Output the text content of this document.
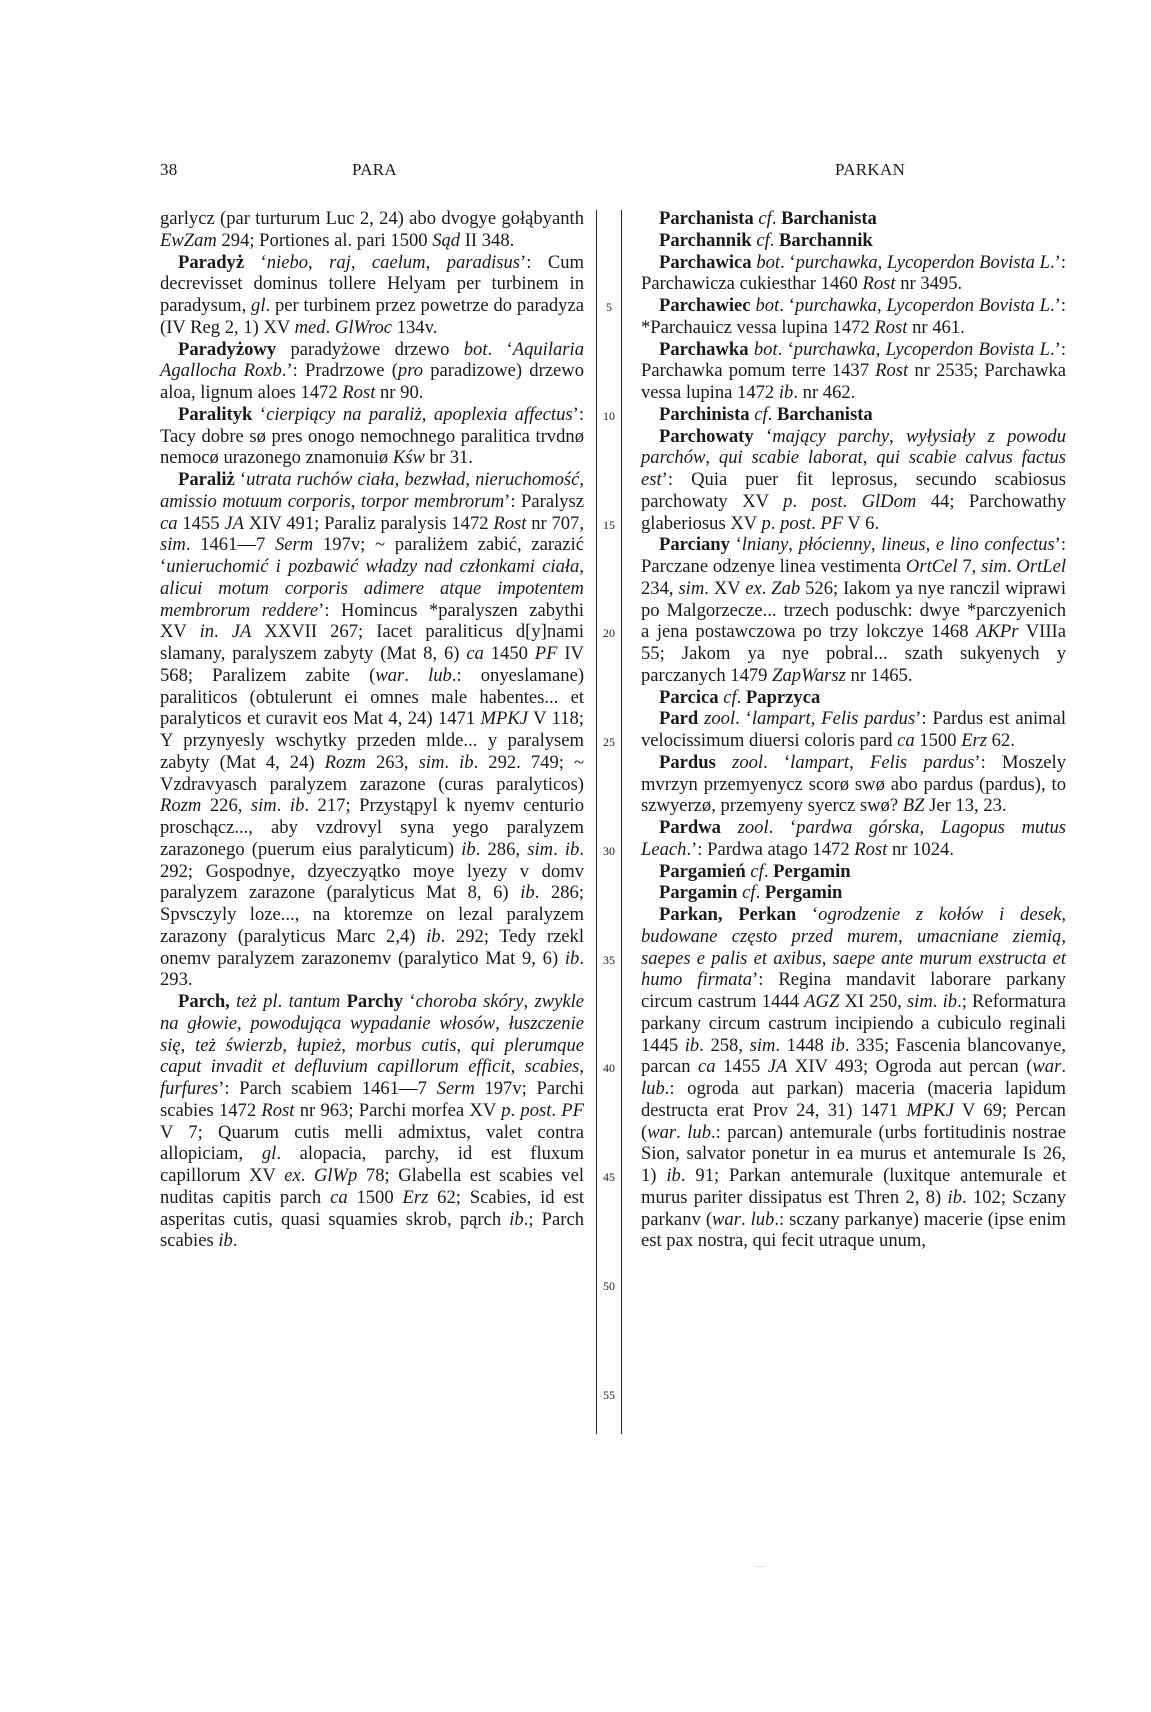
38	PARA	PARKAN

garlycz (par turturum Luc 2, 24) abo dvogye gołąbyanth EwZam 294; Portiones al. pari 1500 Sąd II 348.

Paradyż ‘niebo, raj, caelum, paradisus’: Cum decrevisset dominus tollere Helyam per turbinem in paradysum, gl. per turbinem przez powetrze do paradyza (IV Reg 2, 1) XV med. GlWroc 134v.

Paradyżowy paradyżowe drzewo bot. ‘Aquilaria Agallocha Roxb.’: Pradrzowe (pro paradizowe) drzewo aloa, lignum aloes 1472 Rost nr 90.

Paralityk ‘cierpiący na paraliż, apoplexia affectus’: Tacy dobre sø pres onogo nemochnego paralitica trvdnø nemocø urazonego znamonuiø Kśw br 31.

Paraliż ‘utrata ruchów ciała, bezwład, nieruchomość, amissio motuum corporis, torpor membrorum’: Paralysz ca 1455 JA XIV 491; Paraliz paralysis 1472 Rost nr 707, sim. 1461—7 Serm 197v; ~ paraliżem zabić, zarazić ‘unieruchomić i pozbawić władzy nad członkami ciała, alicui motum corporis adimere atque impotentem membrorum reddere’: Homincus *paralyszen zabythi XV in. JA XXVII 267; Iacet paraliticus d[y]nami slamany, paralyszem zabyty (Mat 8, 6) ca 1450 PF IV 568; Paralizem zabite (war. lub.: onyeslamane) paraliticos (obtulerunt ei omnes male habentes... et paralyticos et curavit eos Mat 4, 24) 1471 MPKJ V 118; Y przynyesly wschytky przeden mlde... y paralysem zabyty (Mat 4, 24) Rozm 263, sim. ib. 292. 749; ~ Vzdravyasch paralyzem zarazone (curas paralyticos) Rozm 226, sim. ib. 217; Przystąpyl k nyemv centurio proschącz..., aby vzdrovyl syna yego paralyzem zarazonego (puerum eius paralyticum) ib. 286, sim. ib. 292; Gospodnye, dzyeczyątko moye lyezy v domv paralyzem zarazone (paralyticus Mat 8, 6) ib. 286; Spvsczyly loze..., na ktoremze on lezal paralyzem zarazony (paralyticus Marc 2,4) ib. 292; Tedy rzekl onemv paralyzem zarazonemv (paralytico Mat 9, 6) ib. 293.

Parch, też pl. tantum Parchy ‘choroba skóry, zwykle na głowie, powodująca wypadanie włosów, łuszczenie się, też świerzb, łupież, morbus cutis, qui plerumque caput invadit et defluvium capillorum efficit, scabies, furfures’: Parch scabiem 1461—7 Serm 197v; Parchi scabies 1472 Rost nr 963; Parchi morfea XV p. post. PF V 7; Quarum cutis melli admixtus, valet contra allopiciam, gl. alopacia, parchy, id est fluxum capillorum XV ex. GlWp 78; Glabella est scabies vel nuditas capitis parch ca 1500 Erz 62; Scabies, id est asperitas cutis, quasi squamies skrob, pąrch ib.; Parch scabies ib.

5
10
15
20
25
30
35
40
45
50
55

Parchanista cf. Barchanista

Parchannik cf. Barchannik

Parchawica bot. ‘purchawka, Lycoperdon Bovista L.’: Parchawicza cukiesthar 1460 Rost nr 3495.

Parchawiec bot. ‘purchawka, Lycoperdon Bovista L.’: *Parchauicz vessa lupina 1472 Rost nr 461.

Parchawka bot. ‘purchawka, Lycoperdon Bovista L.’: Parchawka pomum terre 1437 Rost nr 2535; Parchawka vessa lupina 1472 ib. nr 462.

Parchinista cf. Barchanista

Parchowaty ‘mający parchy, wyłysiały z powodu parchów, qui scabie laborat, qui scabie calvus factus est’: Quia puer fit leprosus, secundo scabiosus parchowaty XV p. post. GlDom 44; Parchowathy glaberiosus XV p. post. PF V 6.

Parciany ‘lniany, płócienny, lineus, e lino confectus’: Parczane odzenye linea vestimenta OrtCel 7, sim. OrtLel 234, sim. XV ex. Zab 526; Iakom ya nye ranczil wiprawi po Malgorzecze... trzech poduschk: dwye *parczyenich a jena postawczowa po trzy lokczye 1468 AKPr VIIIa 55; Jakom ya nye pobral... szath sukyenych y parczanych 1479 ZapWarsz nr 1465.

Parcica cf. Paprzyca

Pard zool. ‘lampart, Felis pardus’: Pardus est animal velocissimum diuersi coloris pard ca 1500 Erz 62.

Pardus zool. ‘lampart, Felis pardus’: Moszely mvrzyn przemyenycz scorø swø abo pardus (pardus), to szwyerzø, przemyeny syercz swø? BZ Jer 13, 23.

Pardwa zool. ‘pardwa górska, Lagopus mutus Leach.’: Pardwa atago 1472 Rost nr 1024.

Pargamień cf. Pergamin

Pargamin cf. Pergamin

Parkan, Perkan ‘ogrodzenie z kołów i desek, budowane często przed murem, umacniane ziemią, saepes e palis et axibus, saepe ante murum exstructa et humo firmata’: Regina mandavit laborare parkany circum castrum 1444 AGZ XI 250, sim. ib.; Reformatura parkany circum castrum incipiendo a cubiculo reginali 1445 ib. 258, sim. 1448 ib. 335; Fascenia blancovanye, parcan ca 1455 JA XIV 493; Ogroda aut percan (war. lub.: ogroda aut parkan) maceria (maceria lapidum destructa erat Prov 24, 31) 1471 MPKJ V 69; Percan (war. lub.: parcan) antemurale (urbs fortitudinis nostrae Sion, salvator ponetur in ea murus et antemurale Is 26, 1) ib. 91; Parkan antemurale (luxitque antemurale et murus pariter dissipatus est Thren 2, 8) ib. 102; Sczany parkanv (war. lub.: sczany parkanye) macerie (ipse enim est pax nostra, qui fecit utraque unum,
